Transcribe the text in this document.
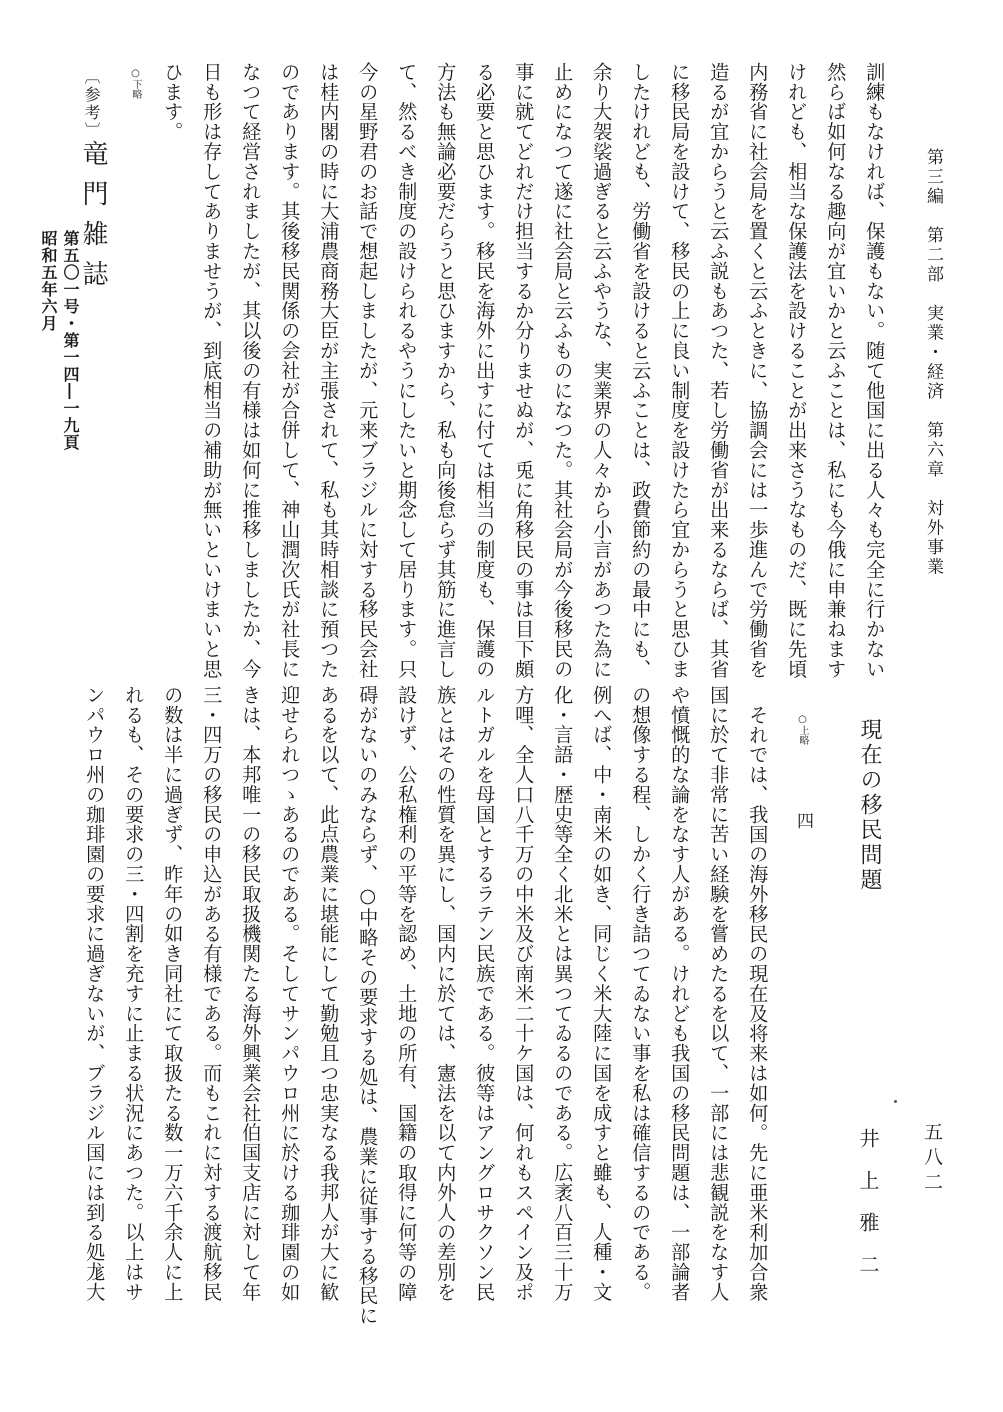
第三編　第二部　実業・経済　第六章　対外事業
五八二
訓練もなければ、保護もない。随て他国に出る人々も完全に行かない
然らば如何なる趣向が宜いかと云ふことは、私にも今俄に申兼ねます
けれども、相当な保護法を設けることが出来さうなものだ、既に先頃
内務省に社会局を置くと云ふときに、協調会には一歩進んで労働省を
造るが宜からうと云ふ説もあつた、若し労働省が出来るならば、其省
に移民局を設けて、移民の上に良い制度を設けたら宜からうと思ひま
したけれども、労働省を設けると云ふことは、政費節約の最中にも、
余り大袈裟過ぎると云ふやうな、実業界の人々から小言があつた為に
止めになつて遂に社会局と云ふものになつた。其社会局が今後移民の
事に就てどれだけ担当するか分りませぬが、兎に角移民の事は目下頗
る必要と思ひます。移民を海外に出すに付ては相当の制度も、保護の
方法も無論必要だらうと思ひますから、私も向後怠らず其筋に進言し
て、然るべき制度の設けられるやうにしたいと期念して居ります。只
今の星野君のお話で想起しましたが、元来ブラジルに対する移民会社
は桂内閣の時に大浦農商務大臣が主張されて、私も其時相談に預つた
のであります。其後移民関係の会社が合併して、神山潤次氏が社長に
なつて経営されましたが、其以後の有様は如何に推移しましたか、今
日も形は存してありませうが、到底相当の補助が無いといけまいと思
ひます。
○下略
〔参考〕
竜門雑誌
第五〇一号・第一四―一九頁
昭和五年六月
現在の移民問題
井上雅二
○上略
四
それでは、我国の海外移民の現在及将来は如何。先に亜米利加合衆
国に於て非常に苦い経験を嘗めたるを以て、一部には悲観説をなす人
や憤慨的な論をなす人がある。けれども我国の移民問題は、一部論者
の想像する程、しかく行き詰つてゐない事を私は確信するのである。
例へば、中・南米の如き、同じく米大陸に国を成すと雖も、人種・文
化・言語・歴史等全く北米とは異つてゐるのである。広袤八百三十万
方哩、全人口八千万の中米及び南米二十ケ国は、何れもスペイン及ポ
ルトガルを母国とするラテン民族である。彼等はアングロサクソン民
族とはその性質を異にし、国内に於ては、憲法を以て内外人の差別を
設けず、公私権利の平等を認め、土地の所有、国籍の取得に何等の障
碍がないのみならず、○中略その要求する処は、農業に従事する移民に
あるを以て、此点農業に堪能にして勤勉且つ忠実なる我邦人が大に歓
迎せられつゝあるのである。そしてサンパウロ州に於ける珈琲園の如
きは、本邦唯一の移民取扱機関たる海外興業会社伯国支店に対して年
三・四万の移民の申込がある有様である。而もこれに対する渡航移民
の数は半に過ぎず、昨年の如き同社にて取扱たる数一万六千余人に上
れるも、その要求の三・四割を充すに止まる状況にあつた。以上はサ
ンパウロ州の珈琲園の要求に過ぎないが、ブラジル国には到る処尨大
